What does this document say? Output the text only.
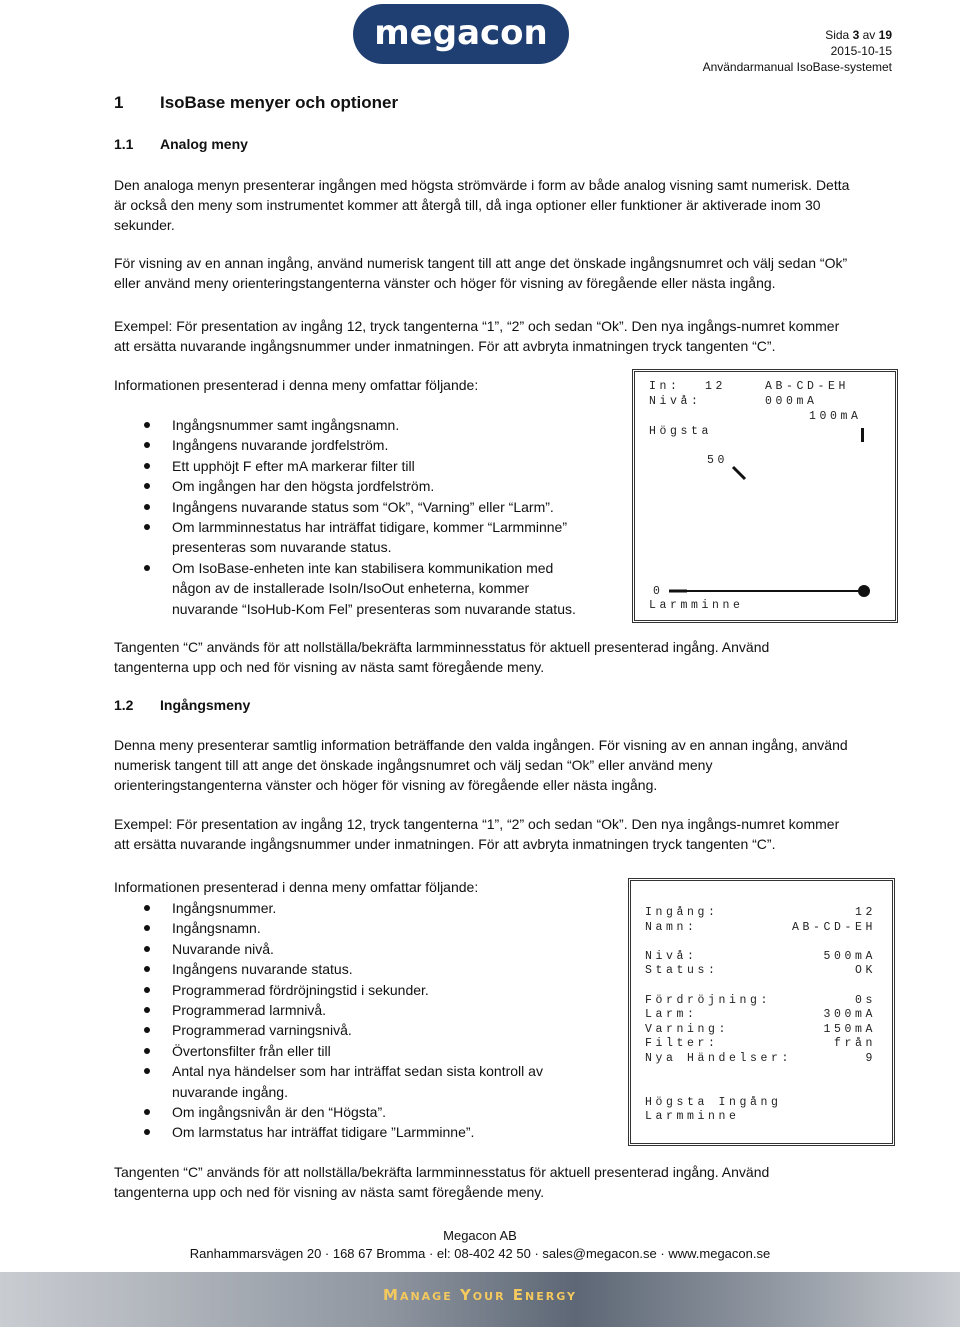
megacon	Sida 3 av 19
2015-10-15
Användarmanual IsoBase-systemet
1 IsoBase menyer och optioner
1.1 Analog meny
Den analoga menyn presenterar ingången med högsta strömvärde i form av både analog visning samt numerisk. Detta
är också den meny som instrumentet kommer att återgå till, då inga optioner eller funktioner är aktiverade inom 30
sekunder.
För visning av en annan ingång, använd numerisk tangent till att ange det önskade ingångsnumret och välj sedan “Ok”
eller använd meny orienteringstangenterna vänster och höger för visning av föregående eller nästa ingång.
Exempel: För presentation av ingång 12, tryck tangenterna “1”, “2” och sedan “Ok”. Den nya ingångs-numret kommer
att ersätta nuvarande ingångsnummer under inmatningen. För att avbryta inmatningen tryck tangenten “C”.
Informationen presenterad i denna meny omfattar följande:
Ingångsnummer samt ingångsnamn.
Ingångens nuvarande jordfelström.
Ett upphöjt F efter mA markerar filter till
Om ingången har den högsta jordfelström.
Ingångens nuvarande status som “Ok”, “Varning” eller “Larm”.
Om larmminnestatus har inträffat tidigare, kommer “Larmminne”
presenteras som nuvarande status.
Om IsoBase-enheten inte kan stabilisera kommunikation med
någon av de installerade IsoIn/IsoOut enheterna, kommer
nuvarande “IsoHub-Kom Fel” presenteras som nuvarande status.
In: 12	AB-CD-EH
Nivå:	000mA
100mA
Högsta
50
0
Larmminne
Tangenten “C” används för att nollställa/bekräfta larmminnesstatus för aktuell presenterad ingång. Använd
tangenterna upp och ned för visning av nästa samt föregående meny.
1.2 Ingångsmeny
Denna meny presenterar samtlig information beträffande den valda ingången. För visning av en annan ingång, använd
numerisk tangent till att ange det önskade ingångsnumret och välj sedan “Ok” eller använd meny
orienteringstangenterna vänster och höger för visning av föregående eller nästa ingång.
Exempel: För presentation av ingång 12, tryck tangenterna “1”, “2” och sedan “Ok”. Den nya ingångs-numret kommer
att ersätta nuvarande ingångsnummer under inmatningen. För att avbryta inmatningen tryck tangenten “C”.
Informationen presenterad i denna meny omfattar följande:
Ingångsnummer.
Ingångsnamn.
Nuvarande nivå.
Ingångens nuvarande status.
Programmerad fördröjningstid i sekunder.
Programmerad larmnivå.
Programmerad varningsnivå.
Övertonsfilter från eller till
Antal nya händelser som har inträffat sedan sista kontroll av
nuvarande ingång.
Om ingångsnivån är den “Högsta”.
Om larmstatus har inträffat tidigare ”Larmminne”.
Ingång:	12
Namn:	AB-CD-EH
Nivå:	500mA
Status:	OK
Fördröjning:	0s
Larm:	300mA
Varning:	150mA
Filter:	från
Nya Händelser:	9
Högsta Ingång
Larmminne
Tangenten “C” används för att nollställa/bekräfta larmminnesstatus för aktuell presenterad ingång. Använd
tangenterna upp och ned för visning av nästa samt föregående meny.
Megacon AB
Ranhammarsvägen 20 · 168 67 Bromma · el: 08-402 42 50 · sales@megacon.se · www.megacon.se
Manage Your Energy
